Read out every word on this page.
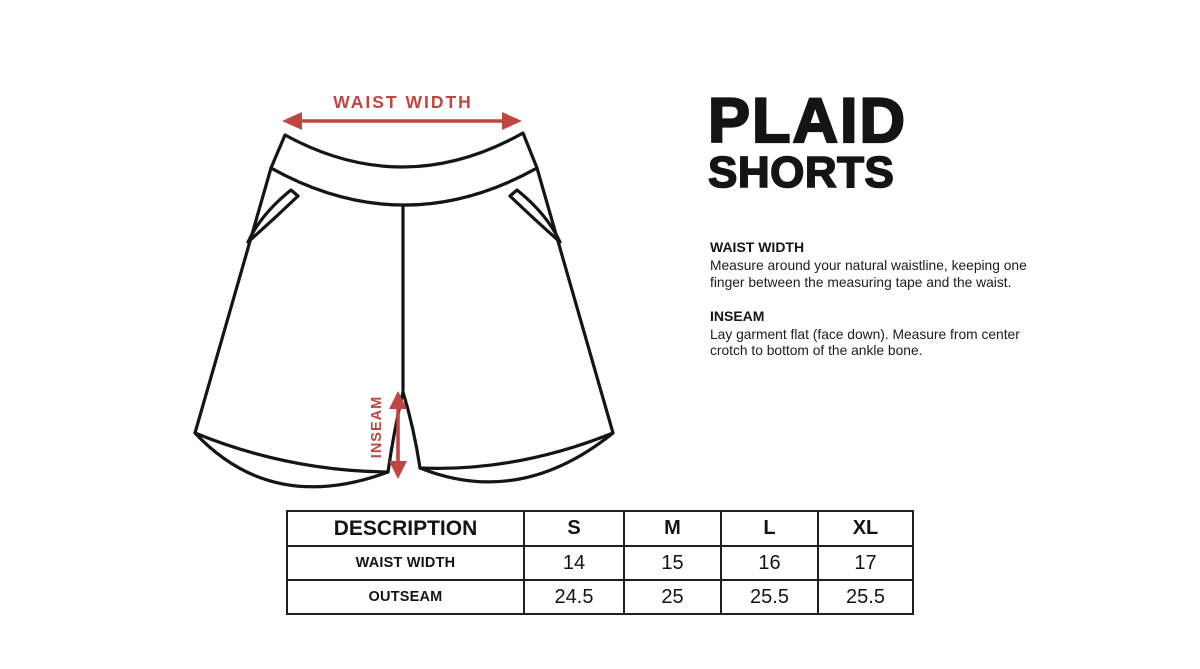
WAIST WIDTH
INSEAM
PLAID
SHORTS

WAIST WIDTH

Measure around your natural waistline, keeping one
finger between the measuring tape and the waist.

INSEAM

Lay garment flat (face down). Measure from center
crotch to bottom of the ankle bone.
DESCRIPTION	S	M	L	XL
WAIST WIDTH	14	15	16	17
OUTSEAM	24.5	25	25.5	25.5
